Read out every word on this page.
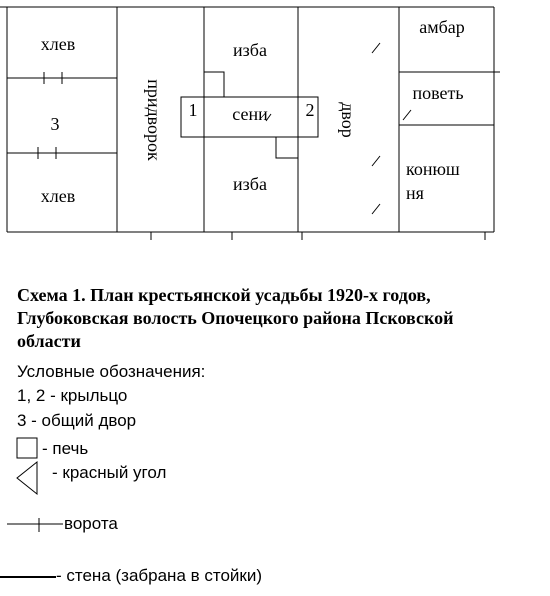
хлев
3
хлев
придворок
изба
сени
1	2
изба
двор
амбар
поветь
конюш
ня

Схема 1. План крестьянской усадьбы 1920-х годов, Глубоковская волость Опочецкого района Псковской области

Условные обозначения:
1, 2 - крыльцо
3 - общий двор
- печь
- красный угол
ворота
- стена (забрана в стойки)
